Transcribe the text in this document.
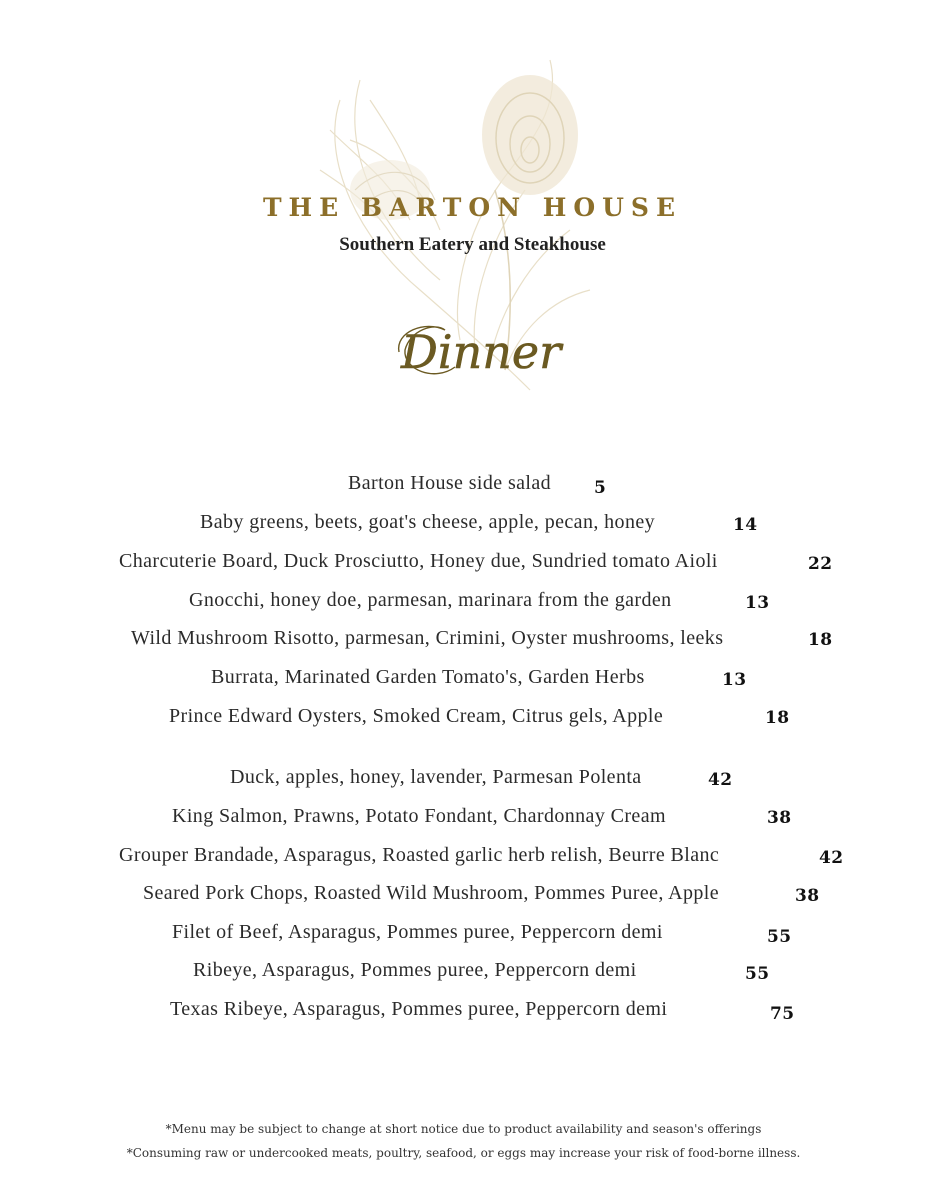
THE BARTON HOUSE
Southern Eatery and Steakhouse
Dinner
Barton House side salad	5
Baby greens, beets, goat's cheese, apple, pecan, honey	14
Charcuterie Board, Duck Prosciutto, Honey due, Sundried tomato Aioli	22
Gnocchi, honey doe, parmesan, marinara from the garden	13
Wild Mushroom Risotto, parmesan, Crimini, Oyster mushrooms, leeks	18
Burrata, Marinated Garden Tomato's, Garden Herbs	13
Prince Edward Oysters, Smoked Cream, Citrus gels, Apple	18
Duck, apples, honey, lavender, Parmesan Polenta	42
King Salmon, Prawns, Potato Fondant, Chardonnay Cream	38
Grouper Brandade, Asparagus, Roasted garlic herb relish, Beurre Blanc	42
Seared Pork Chops, Roasted Wild Mushroom, Pommes Puree, Apple	38
Filet of Beef, Asparagus, Pommes puree, Peppercorn demi	55
Ribeye, Asparagus, Pommes puree, Peppercorn demi	55
Texas Ribeye, Asparagus, Pommes puree, Peppercorn demi	75
*Menu may be subject to change at short notice due to product availability and season's offerings
*Consuming raw or undercooked meats, poultry, seafood, or eggs may increase your risk of food-borne illness.
